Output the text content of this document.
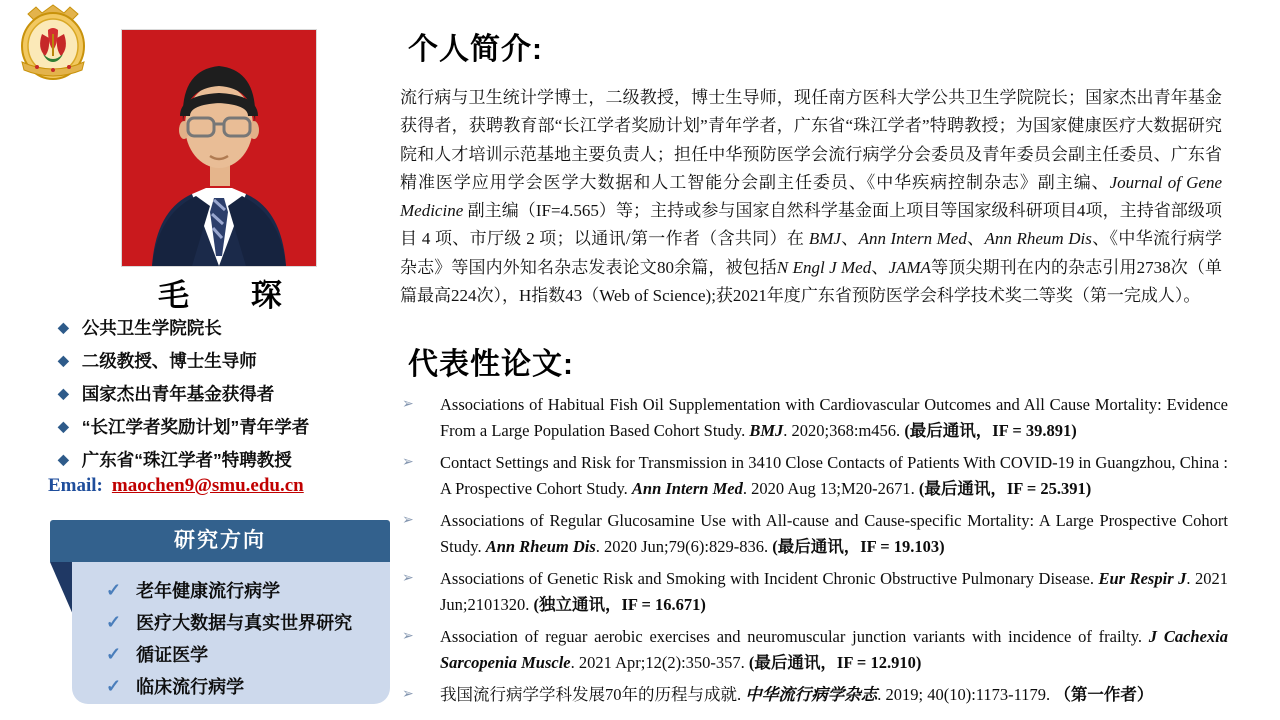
毛　　琛
◆ 公共卫生学院院长
◆ 二级教授、博士生导师
◆ 国家杰出青年基金获得者
◆ “长江学者奖励计划”青年学者
◆ 广东省“珠江学者”特聘教授
Email: maochen9@smu.edu.cn
研究方向
✓ 老年健康流行病学
✓ 医疗大数据与真实世界研究
✓ 循证医学
✓ 临床流行病学
个人简介:

流行病与卫生统计学博士，二级教授，博士生导师，现任南方医科大学公共卫生学院院长；国家杰出青年基金获得者，获聘教育部“长江学者奖励计划”青年学者，广东省“珠江学者”特聘教授；为国家健康医疗大数据研究院和人才培训示范基地主要负责人；担任中华预防医学会流行病学分会委员及青年委员会副主任委员、广东省精准医学应用学会医学大数据和人工智能分会副主任委员、《中华疾病控制杂志》副主编、Journal of Gene Medicine 副主编（IF=4.565）等；主持或参与国家自然科学基金面上项目等国家级科研项目4项，主持省部级项目 4 项、市厅级 2 项；以通讯/第一作者（含共同）在 BMJ、Ann Intern Med、Ann Rheum Dis、《中华流行病学杂志》等国内外知名杂志发表论文80余篇，被包括N Engl J Med、JAMA等顶尖期刊在内的杂志引用2738次（单篇最高224次），H指数43（Web of Science);获2021年度广东省预防医学会科学技术奖二等奖（第一完成人）。

代表性论文:
➢	Associations of Habitual Fish Oil Supplementation with Cardiovascular Outcomes and All Cause Mortality: Evidence From a Large Population Based Cohort Study. BMJ. 2020;368:m456. (最后通讯，IF = 39.891)

➢	Contact Settings and Risk for Transmission in 3410 Close Contacts of Patients With COVID-19 in Guangzhou, China : A Prospective Cohort Study. Ann Intern Med. 2020 Aug 13;M20-2671. (最后通讯，IF = 25.391)

➢	Associations of Regular Glucosamine Use with All-cause and Cause-specific Mortality: A Large Prospective Cohort Study. Ann Rheum Dis. 2020 Jun;79(6):829-836. (最后通讯，IF = 19.103)

➢	Associations of Genetic Risk and Smoking with Incident Chronic Obstructive Pulmonary Disease. Eur Respir J. 2021 Jun;2101320. (独立通讯，IF = 16.671)

➢	Association of reguar aerobic exercises and neuromuscular junction variants with incidence of frailty. J Cachexia Sarcopenia Muscle. 2021 Apr;12(2):350-357. (最后通讯，IF = 12.910)

➢	我国流行病学学科发展70年的历程与成就. 中华流行病学杂志. 2019; 40(10):1173-1179. （第一作者）
